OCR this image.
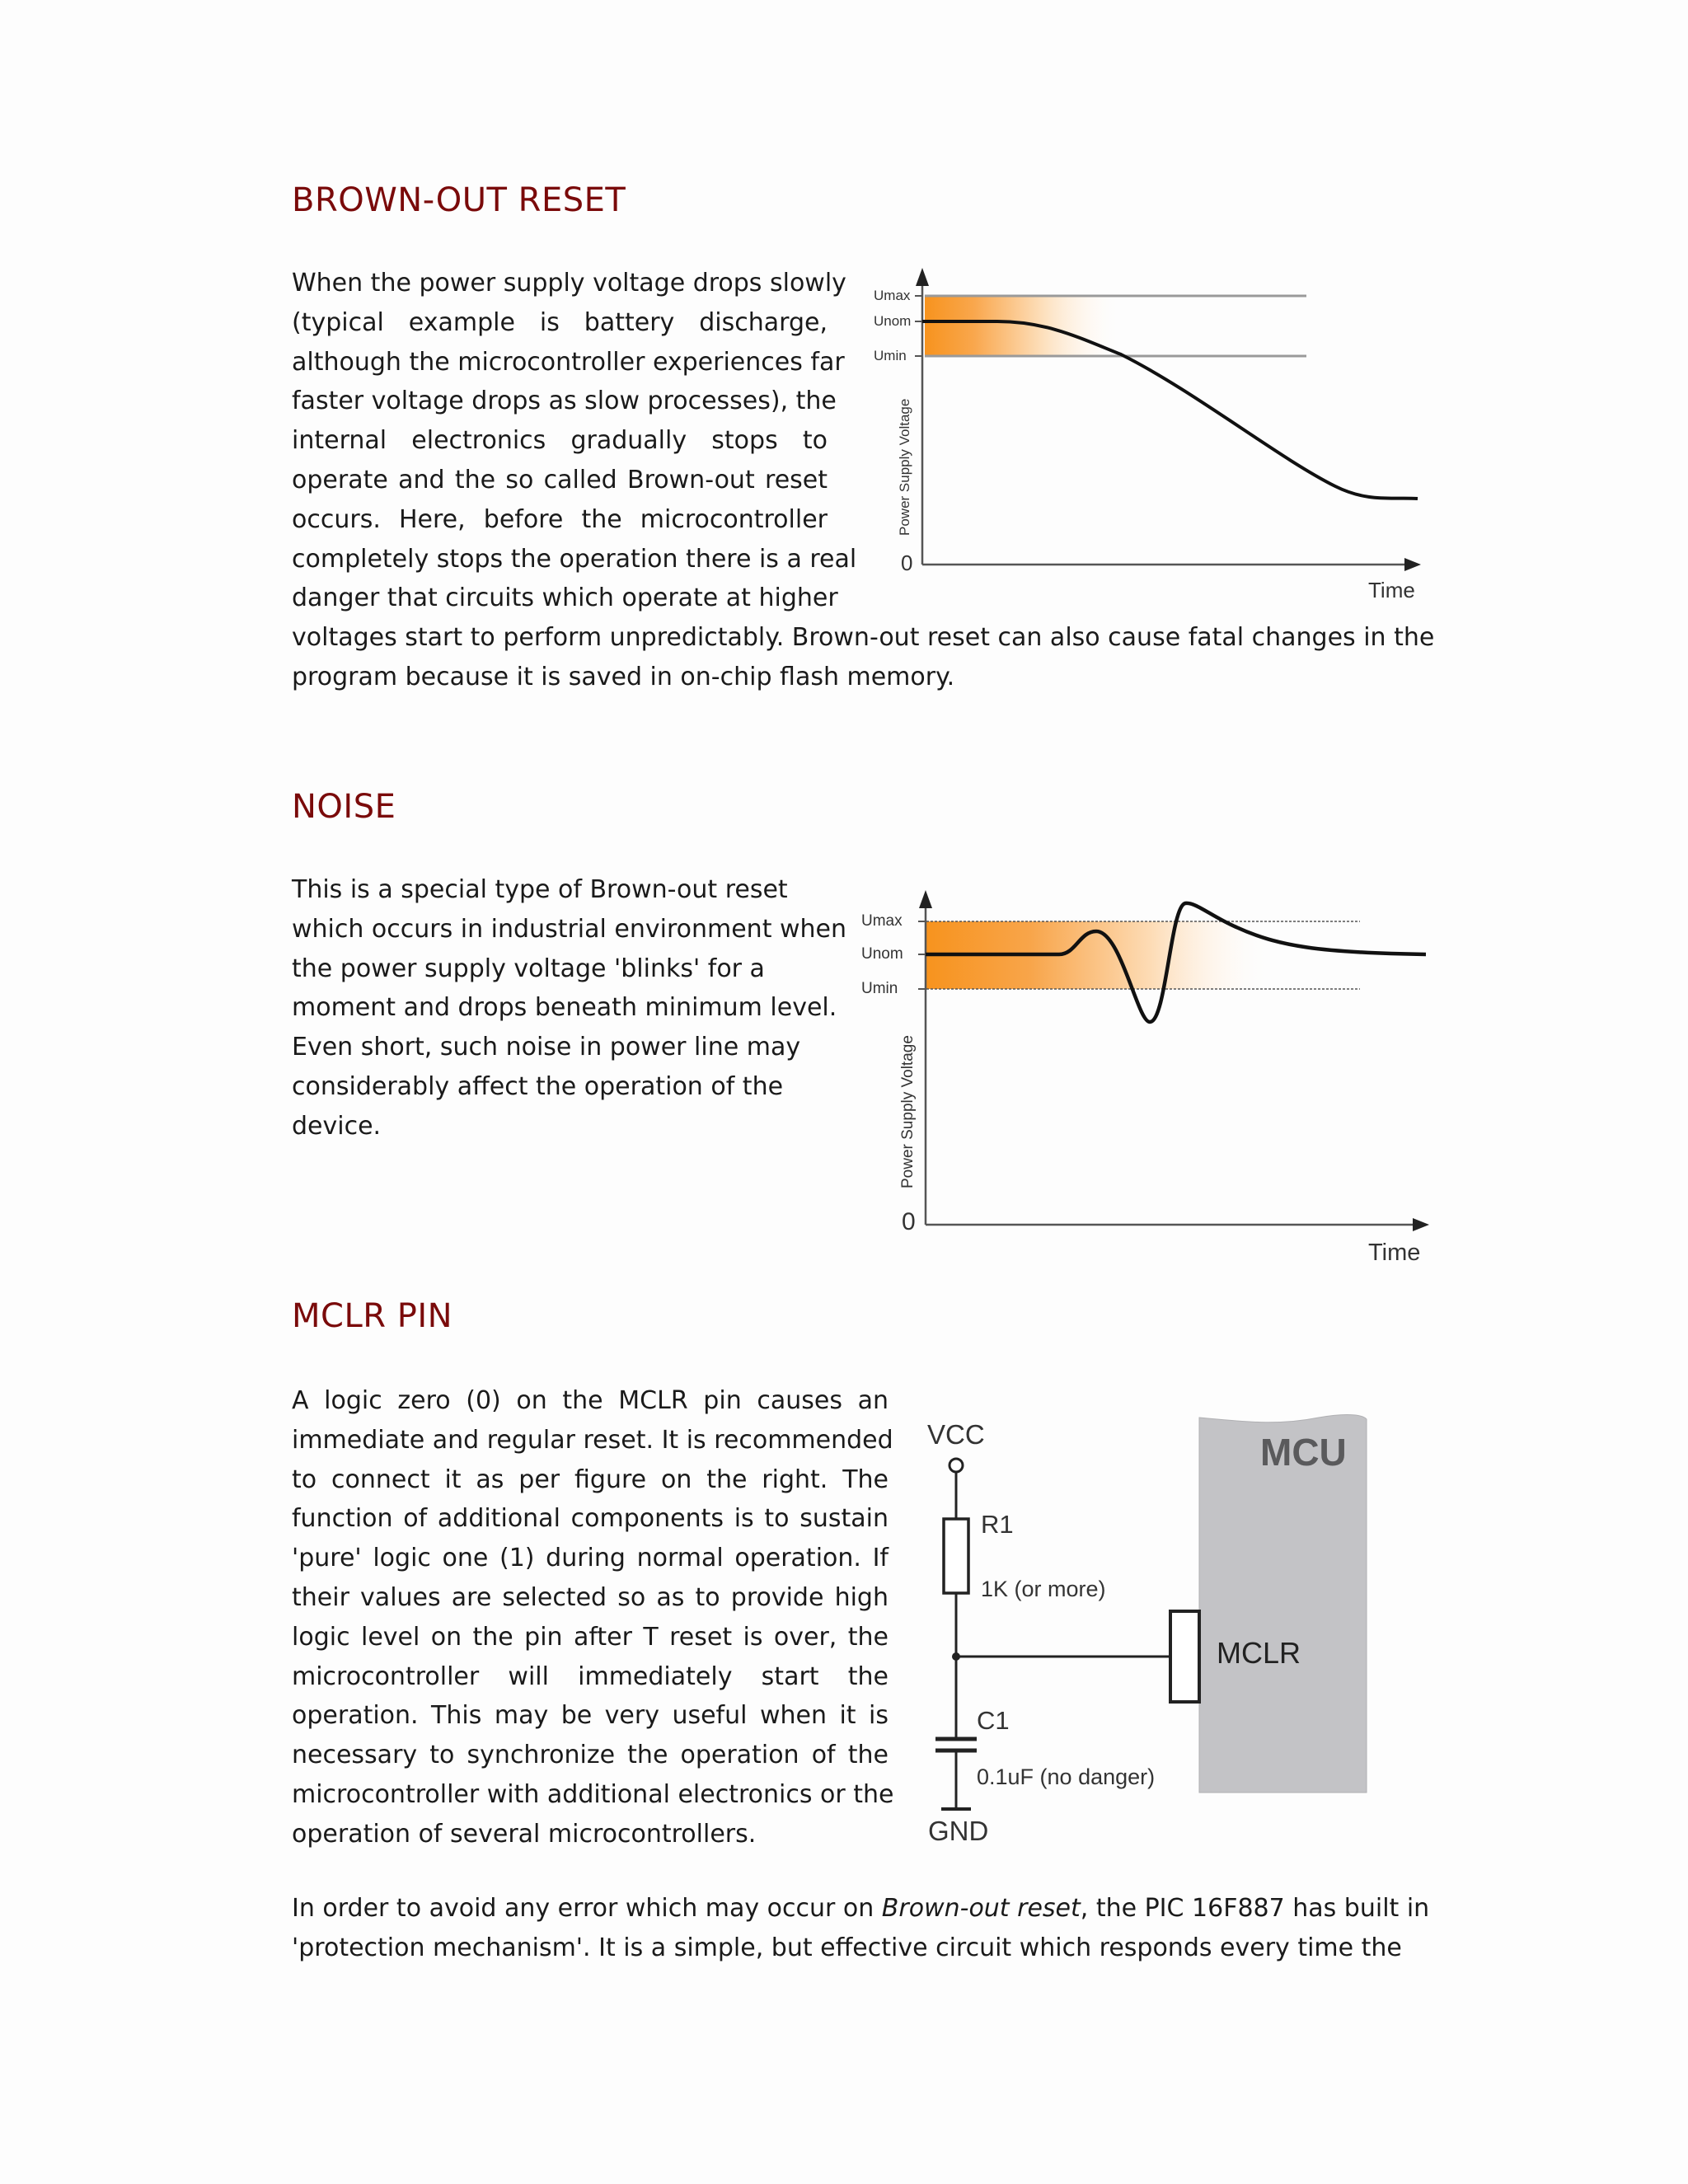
BROWN-OUT RESET
When the power supply voltage drops slowly
(typical example is battery discharge,
although the microcontroller experiences far
faster voltage drops as slow processes), the
internal electronics gradually stops to
operate and the so called Brown-out reset
occurs. Here, before the microcontroller
completely stops the operation there is a real
danger that circuits which operate at higher
voltages start to perform unpredictably. Brown-out reset can also cause fatal changes in the
program because it is saved in on-chip flash memory.
Umax
Unom
Umin
Power Supply Voltage
0
Time
NOISE
This is a special type of Brown-out reset
which occurs in industrial environment when
the power supply voltage 'blinks' for a
moment and drops beneath minimum level.
Even short, such noise in power line may
considerably affect the operation of the
device.
Umax
Unom
Umin
Power Supply Voltage
0
Time
MCLR PIN
A logic zero (0) on the MCLR pin causes an
immediate and regular reset. It is recommended
to connect it as per figure on the right. The
function of additional components is to sustain
'pure' logic one (1) during normal operation. If
their values are selected so as to provide high
logic level on the pin after T reset is over, the
microcontroller will immediately start the
operation. This may be very useful when it is
necessary to synchronize the operation of the
microcontroller with additional electronics or the
operation of several microcontrollers.
MCU
MCLR
VCC
R1
1K (or more)
C1
0.1uF (no danger)
GND
In order to avoid any error which may occur on Brown-out reset, the PIC 16F887 has built in
'protection mechanism'. It is a simple, but effective circuit which responds every time the
